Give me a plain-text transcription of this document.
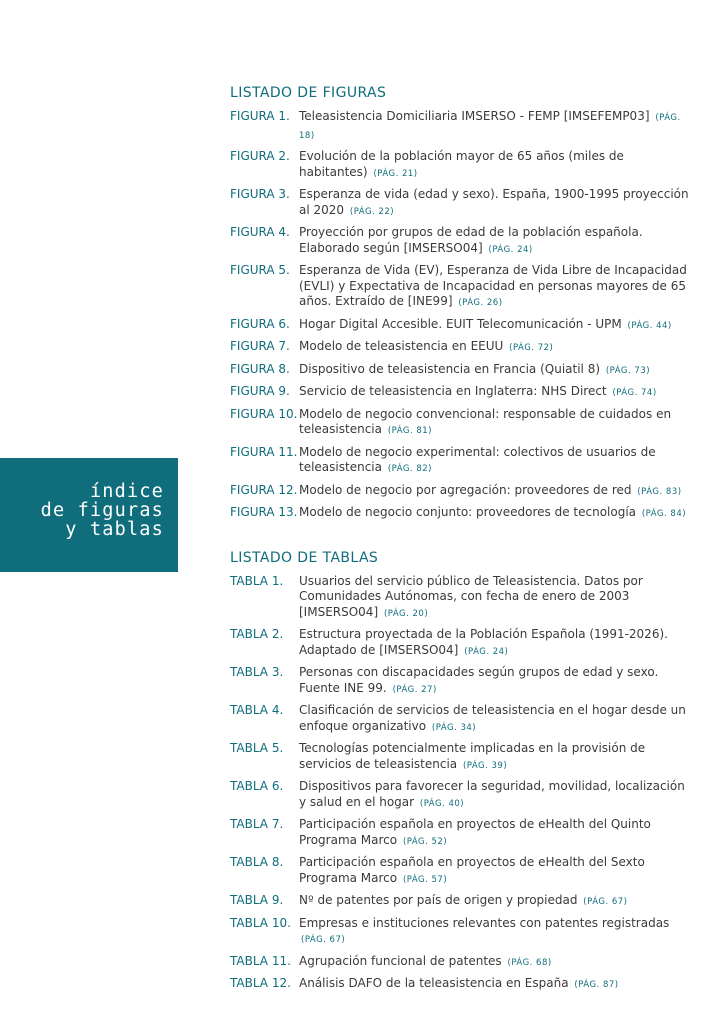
índice
de figuras
y tablas
LISTADO DE FIGURAS
FIGURA 1. Teleasistencia Domiciliaria IMSERSO - FEMP [IMSEFEMP03] (PÁG. 18)
FIGURA 2. Evolución de la población mayor de 65 años (miles de habitantes) (PÁG. 21)
FIGURA 3. Esperanza de vida (edad y sexo). España, 1900-1995 proyección al 2020 (PÁG. 22)
FIGURA 4. Proyección por grupos de edad de la población española. Elaborado según [IMSERSO04] (PÁG. 24)
FIGURA 5. Esperanza de Vida (EV), Esperanza de Vida Libre de Incapacidad (EVLI) y Expectativa de Incapacidad en personas mayores de 65 años. Extraído de [INE99] (PÁG. 26)
FIGURA 6. Hogar Digital Accesible. EUIT Telecomunicación - UPM (PÁG. 44)
FIGURA 7. Modelo de teleasistencia en EEUU (PÁG. 72)
FIGURA 8. Dispositivo de teleasistencia en Francia (Quiatil 8) (PÁG. 73)
FIGURA 9. Servicio de teleasistencia en Inglaterra: NHS Direct (PÁG. 74)
FIGURA 10. Modelo de negocio convencional: responsable de cuidados en teleasistencia (PÁG. 81)
FIGURA 11. Modelo de negocio experimental: colectivos de usuarios de teleasistencia (PÁG. 82)
FIGURA 12. Modelo de negocio por agregación: proveedores de red (PÁG. 83)
FIGURA 13. Modelo de negocio conjunto: proveedores de tecnología (PÁG. 84)
LISTADO DE TABLAS
TABLA 1.	Usuarios del servicio público de Teleasistencia. Datos por Comunidades Autónomas, con fecha de enero de 2003 [IMSERSO04] (PÁG. 20)
TABLA 2.	Estructura proyectada de la Población Española (1991-2026). Adaptado de [IMSERSO04] (PÁG. 24)
TABLA 3.	Personas con discapacidades según grupos de edad y sexo. Fuente INE 99. (PÁG. 27)
TABLA 4.	Clasificación de servicios de teleasistencia en el hogar desde un enfoque organizativo (PÁG. 34)
TABLA 5.	Tecnologías potencialmente implicadas en la provisión de servicios de teleasistencia (PÁG. 39)
TABLA 6.	Dispositivos para favorecer la seguridad, movilidad, localización y salud en el hogar (PÁG. 40)
TABLA 7.	Participación española en proyectos de eHealth del Quinto Programa Marco (PÁG. 52)
TABLA 8.	Participación española en proyectos de eHealth del Sexto Programa Marco (PÁG. 57)
TABLA 9.	Nº de patentes por país de origen y propiedad (PÁG. 67)
TABLA 10. Empresas e instituciones relevantes con patentes registradas (PÁG. 67)
TABLA 11. Agrupación funcional de patentes (PÁG. 68)
TABLA 12. Análisis DAFO de la teleasistencia en España (PÁG. 87)
